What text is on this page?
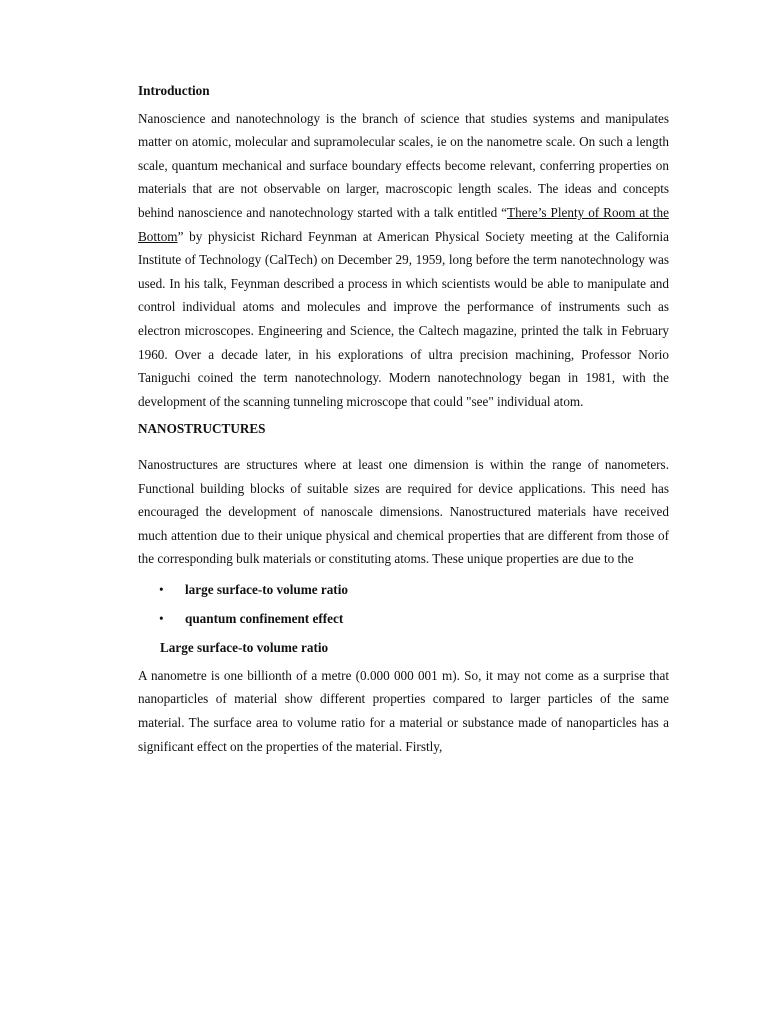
Introduction

Nanoscience and nanotechnology is the branch of science that studies systems and manipulates matter on atomic, molecular and supramolecular scales, ie on the nanometre scale. On such a length scale, quantum mechanical and surface boundary effects become relevant, conferring properties on materials that are not observable on larger, macroscopic length scales. The ideas and concepts behind nanoscience and nanotechnology started with a talk entitled “There’s Plenty of Room at the Bottom” by physicist Richard Feynman at American Physical Society meeting at the California Institute of Technology (CalTech) on December 29, 1959, long before the term nanotechnology was used. In his talk, Feynman described a process in which scientists would be able to manipulate and control individual atoms and molecules and improve the performance of instruments such as electron microscopes. Engineering and Science, the Caltech magazine, printed the talk in February 1960. Over a decade later, in his explorations of ultra precision machining, Professor Norio Taniguchi coined the term nanotechnology. Modern nanotechnology began in 1981, with the development of the scanning tunneling microscope that could "see" individual atom.

NANOSTRUCTURES

Nanostructures are structures where at least one dimension is within the range of nanometers. Functional building blocks of suitable sizes are required for device applications. This need has encouraged the development of nanoscale dimensions. Nanostructured materials have received much attention due to their unique physical and chemical properties that are different from those of the corresponding bulk materials or constituting atoms. These unique properties are due to the

• large surface-to volume ratio
• quantum confinement effect

Large surface-to volume ratio

A nanometre is one billionth of a metre (0.000 000 001 m). So, it may not come as a surprise that nanoparticles of material show different properties compared to larger particles of the same material. The surface area to volume ratio for a material or substance made of nanoparticles has a significant effect on the properties of the material. Firstly,
